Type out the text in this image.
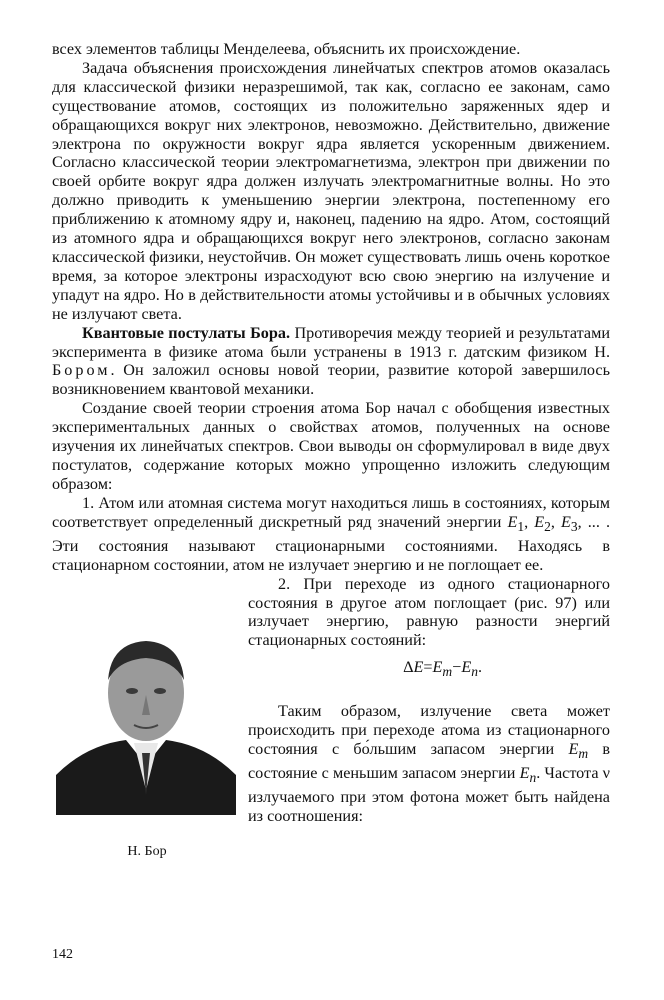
всех элементов таблицы Менделеева, объяснить их происхождение.

Задача объяснения происхождения линейчатых спектров атомов оказалась для классической физики неразрешимой, так как, согласно ее законам, само существование атомов, состоящих из положительно заряженных ядер и обращающихся вокруг них электронов, невозможно. Действительно, движение электрона по окружности вокруг ядра является ускоренным движением. Согласно классической теории электромагнетизма, электрон при движении по своей орбите вокруг ядра должен излучать электромагнитные волны. Но это должно приводить к уменьшению энергии электрона, постепенному его приближению к атомному ядру и, наконец, падению на ядро. Атом, состоящий из атомного ядра и обращающихся вокруг него электронов, согласно законам классической физики, неустойчив. Он может существовать лишь очень короткое время, за которое электроны израсходуют всю свою энергию на излучение и упадут на ядро. Но в действительности атомы устойчивы и в обычных условиях не излучают света.

Квантовые постулаты Бора. Противоречия между теорией и результатами эксперимента в физике атома были устранены в 1913 г. датским физиком Н. Бором. Он заложил основы новой теории, развитие которой завершилось возникновением квантовой механики.

Создание своей теории строения атома Бор начал с обобщения известных экспериментальных данных о свойствах атомов, полученных на основе изучения их линейчатых спектров. Свои выводы он сформулировал в виде двух постулатов, содержание которых можно упрощенно изложить следующим образом:

1. Атом или атомная система могут находиться лишь в состояниях, которым соответствует определенный дискретный ряд значений энергии $E_1$, $E_2$, $E_3$, ... . Эти состояния называют стационарными состояниями. Находясь в стационарном состоянии, атом не излучает энергию и не поглощает ее.

Н. Бор

2. При переходе из одного стационарного состояния в другое атом поглощает (рис. 97) или излучает энергию, равную разности энергий стационарных состояний:

$\Delta E=E_m-E_n$.

Таким образом, излучение света может происходить при переходе атома из стационарного состояния с бо́льшим запасом энергии $E_m$ в состояние с меньшим запасом энергии $E_n$. Частота ν излучаемого при этом фотона может быть найдена из соотношения:

142
